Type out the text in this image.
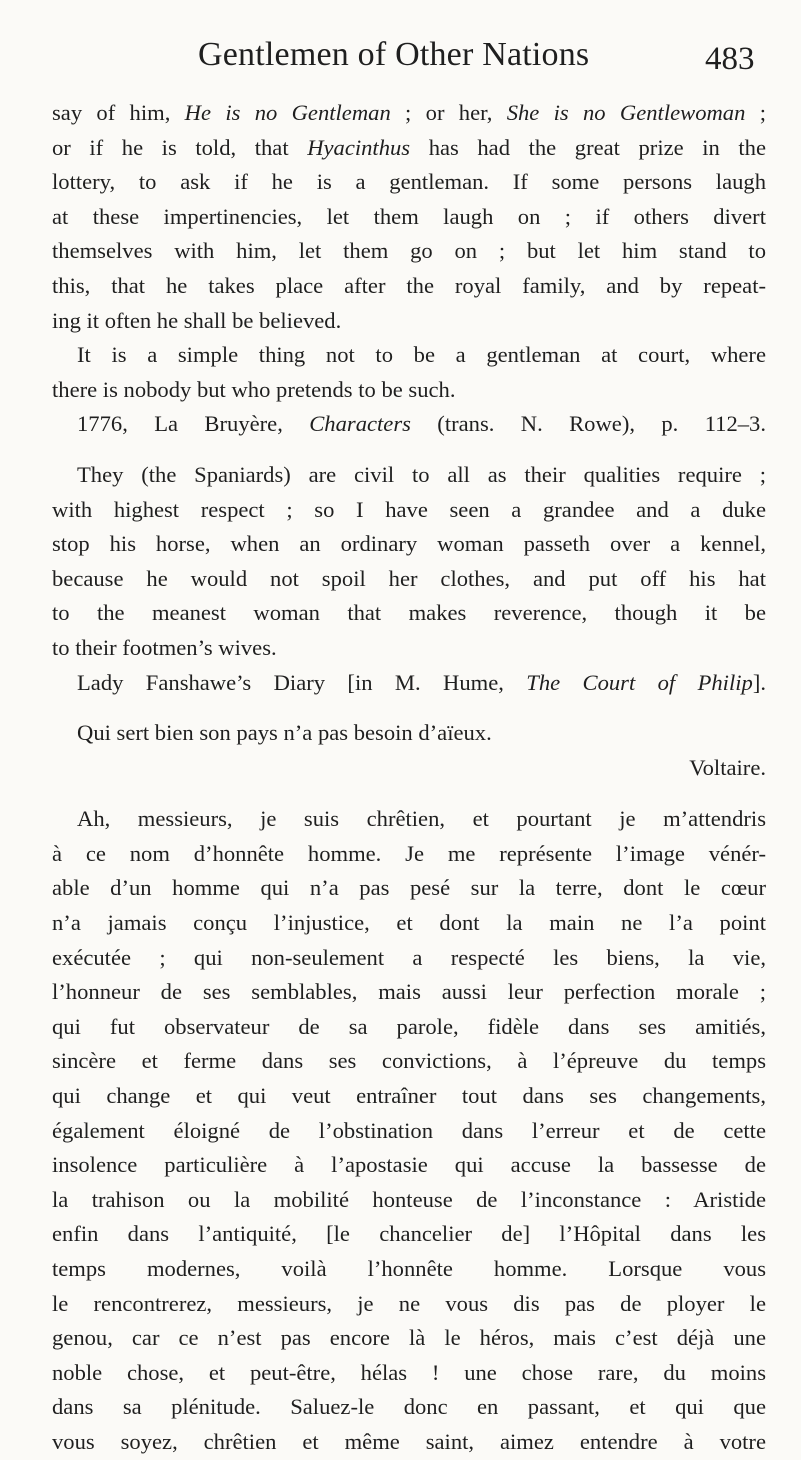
Gentlemen of Other Nations	483
say of him, He is no Gentleman ; or her, She is no Gentlewoman ;
or if he is told, that Hyacinthus has had the great prize in the
lottery, to ask if he is a gentleman. If some persons laugh
at these impertinencies, let them laugh on ; if others divert
themselves with him, let them go on ; but let him stand to
this, that he takes place after the royal family, and by repeat-
ing it often he shall be believed.
It is a simple thing not to be a gentleman at court, where
there is nobody but who pretends to be such.
1776, La Bruyère, Characters (trans. N. Rowe), p. 112–3.
They (the Spaniards) are civil to all as their qualities require ;
with highest respect ; so I have seen a grandee and a duke
stop his horse, when an ordinary woman passeth over a kennel,
because he would not spoil her clothes, and put off his hat
to the meanest woman that makes reverence, though it be
to their footmen’s wives.
Lady Fanshawe’s Diary [in M. Hume, The Court of Philip].
Qui sert bien son pays n’a pas besoin d’aïeux.
Voltaire.
Ah, messieurs, je suis chrêtien, et pourtant je m’attendris
à ce nom d’honnête homme. Je me représente l’image vénér-
able d’un homme qui n’a pas pesé sur la terre, dont le cœur
n’a jamais conçu l’injustice, et dont la main ne l’a point
exécutée ; qui non-seulement a respecté les biens, la vie,
l’honneur de ses semblables, mais aussi leur perfection morale ;
qui fut observateur de sa parole, fidèle dans ses amitiés,
sincère et ferme dans ses convictions, à l’épreuve du temps
qui change et qui veut entraîner tout dans ses changements,
également éloigné de l’obstination dans l’erreur et de cette
insolence particulière à l’apostasie qui accuse la bassesse de
la trahison ou la mobilité honteuse de l’inconstance : Aristide
enfin dans l’antiquité, [le chancelier de] l’Hôpital dans les
temps modernes, voilà l’honnête homme. Lorsque vous
le rencontrerez, messieurs, je ne vous dis pas de ployer le
genou, car ce n’est pas encore là le héros, mais c’est déjà une
noble chose, et peut-être, hélas ! une chose rare, du moins
dans sa plénitude. Saluez-le donc en passant, et qui que
vous soyez, chrêtien et même saint, aimez entendre à votre
